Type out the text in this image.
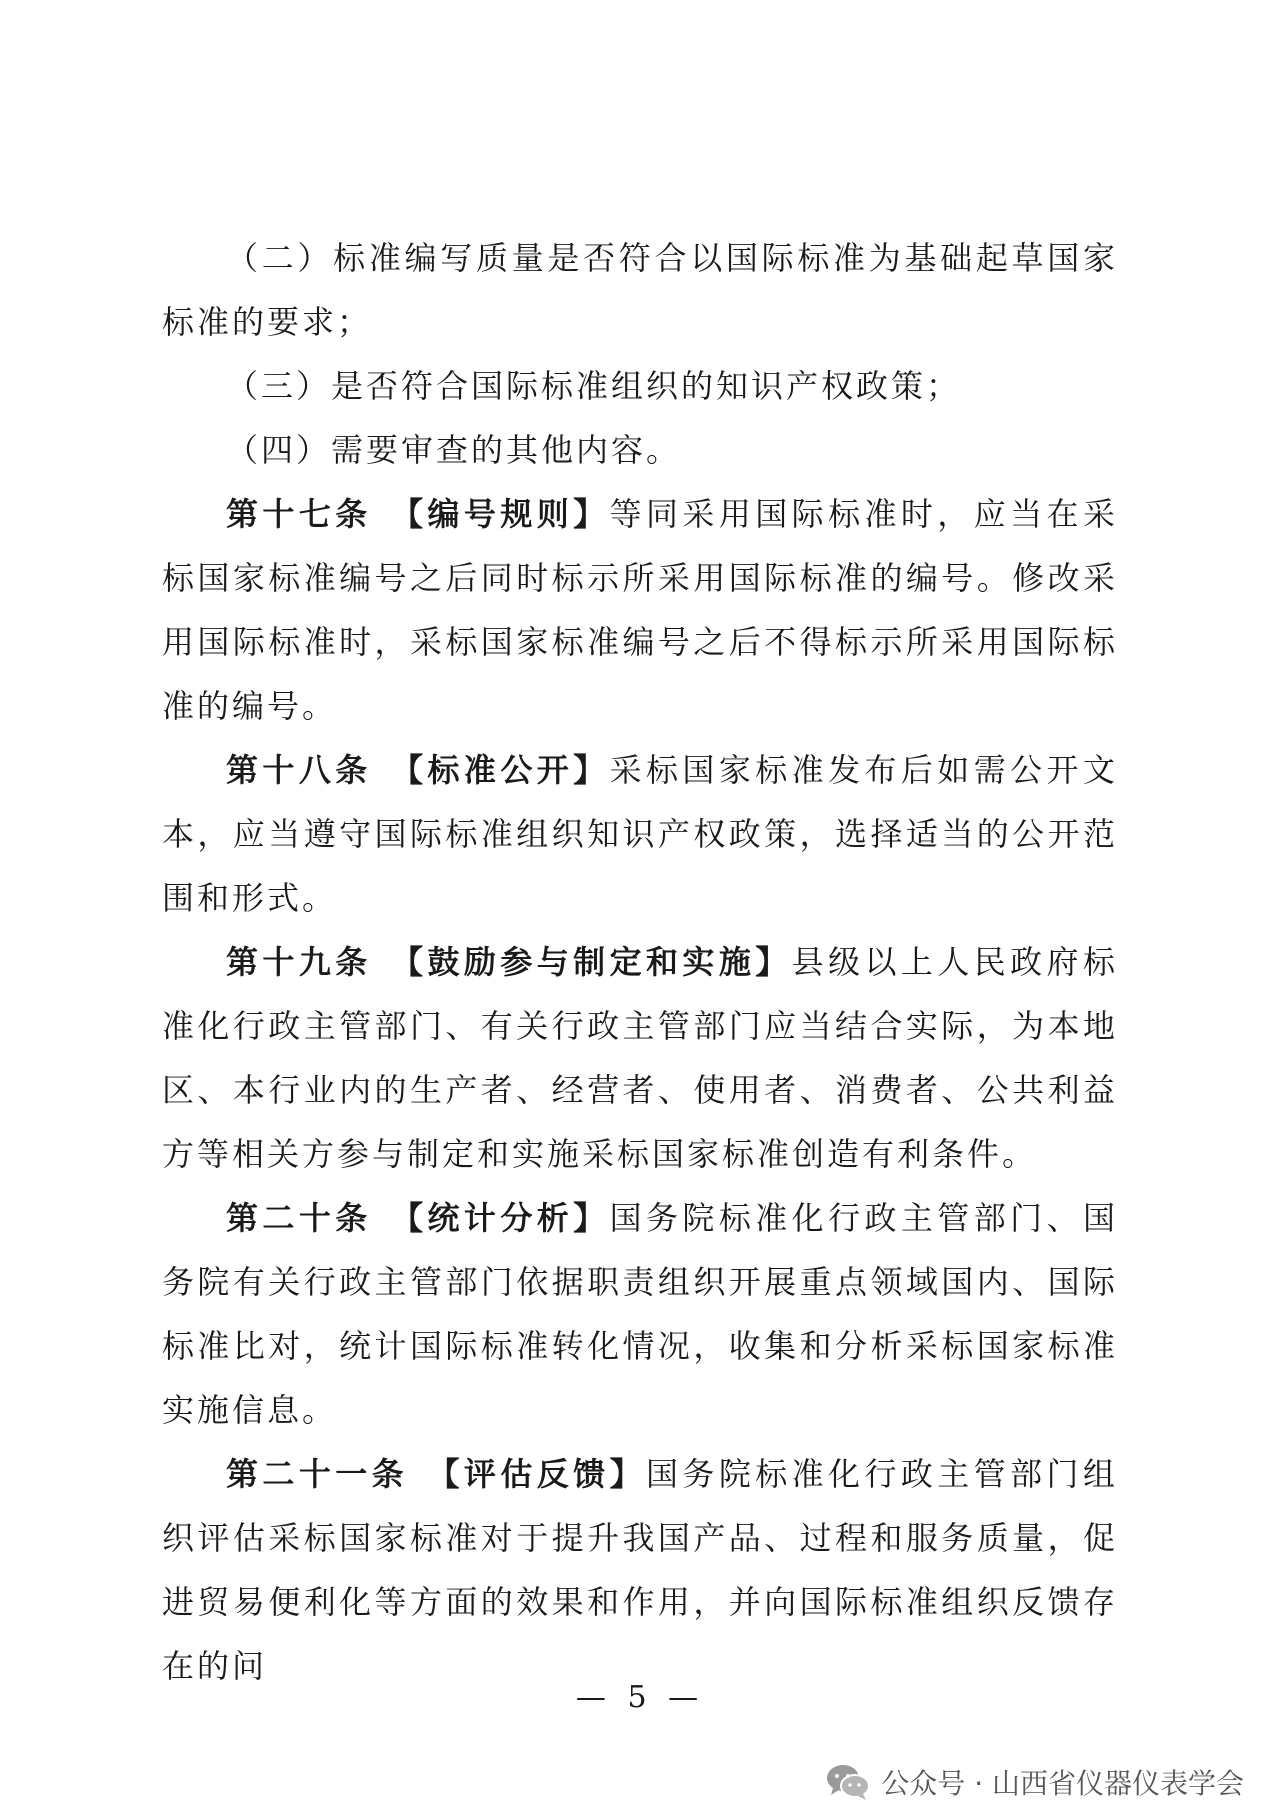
（二）标准编写质量是否符合以国际标准为基础起草国家标准的要求；

（三）是否符合国际标准组织的知识产权政策；

（四）需要审查的其他内容。

第十七条 【编号规则】等同采用国际标准时，应当在采标国家标准编号之后同时标示所采用国际标准的编号。修改采用国际标准时，采标国家标准编号之后不得标示所采用国际标准的编号。

第十八条 【标准公开】采标国家标准发布后如需公开文本，应当遵守国际标准组织知识产权政策，选择适当的公开范围和形式。

第十九条 【鼓励参与制定和实施】县级以上人民政府标准化行政主管部门、有关行政主管部门应当结合实际，为本地区、本行业内的生产者、经营者、使用者、消费者、公共利益方等相关方参与制定和实施采标国家标准创造有利条件。

第二十条 【统计分析】国务院标准化行政主管部门、国务院有关行政主管部门依据职责组织开展重点领域国内、国际标准比对，统计国际标准转化情况，收集和分析采标国家标准实施信息。

第二十一条 【评估反馈】国务院标准化行政主管部门组织评估采标国家标准对于提升我国产品、过程和服务质量，促进贸易便利化等方面的效果和作用，并向国际标准组织反馈存在的问

— 5 —
公众号 · 山西省仪器仪表学会
